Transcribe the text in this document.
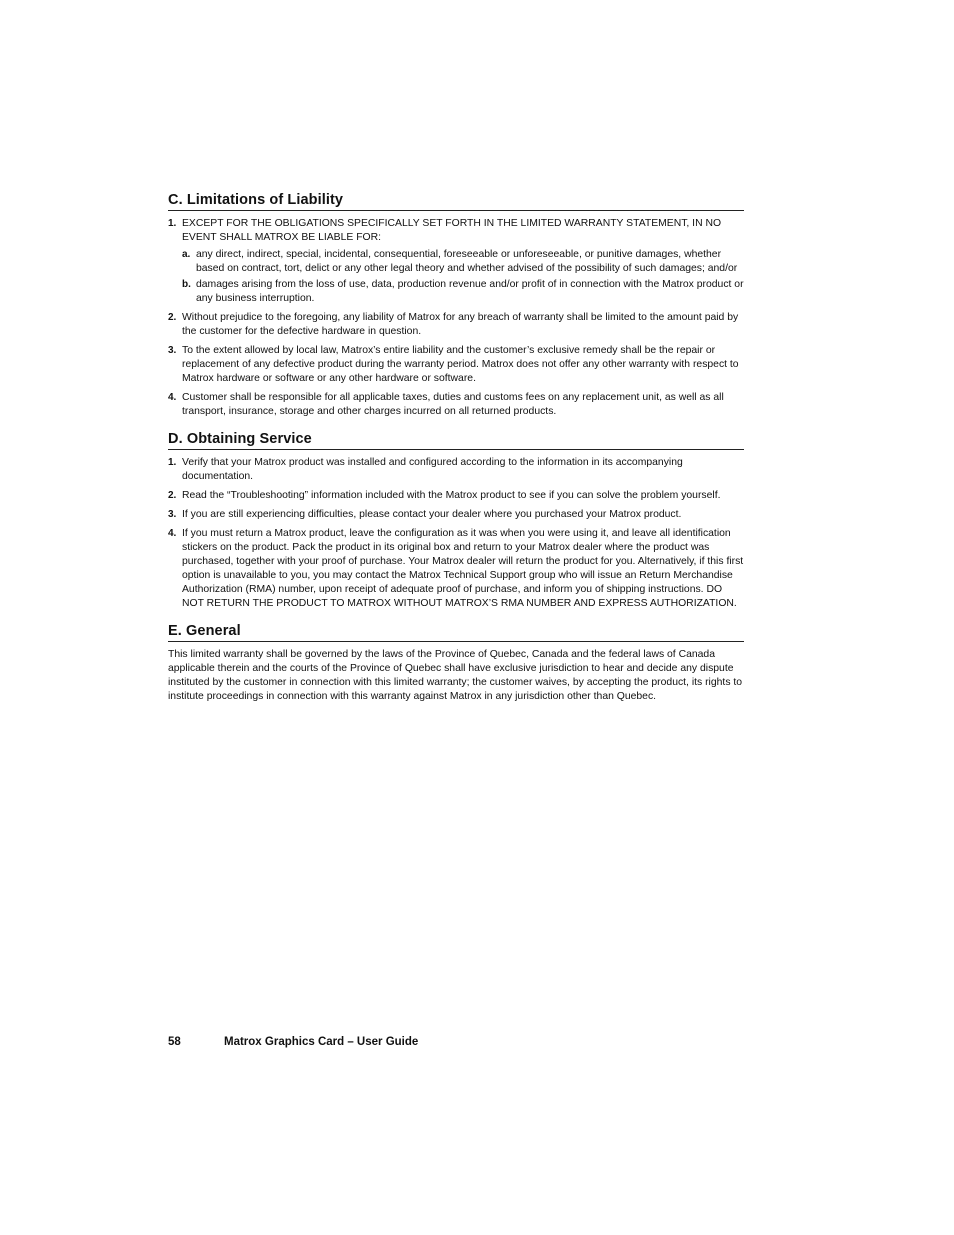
C. Limitations of Liability
1. EXCEPT FOR THE OBLIGATIONS SPECIFICALLY SET FORTH IN THE LIMITED WARRANTY STATEMENT, IN NO EVENT SHALL MATROX BE LIABLE FOR:
a. any direct, indirect, special, incidental, consequential, foreseeable or unforeseeable, or punitive damages, whether based on contract, tort, delict or any other legal theory and whether advised of the possibility of such damages; and/or
b. damages arising from the loss of use, data, production revenue and/or profit of in connection with the Matrox product or any business interruption.
2. Without prejudice to the foregoing, any liability of Matrox for any breach of warranty shall be limited to the amount paid by the customer for the defective hardware in question.
3. To the extent allowed by local law, Matrox’s entire liability and the customer’s exclusive remedy shall be the repair or replacement of any defective product during the warranty period. Matrox does not offer any other warranty with respect to Matrox hardware or software or any other hardware or software.
4. Customer shall be responsible for all applicable taxes, duties and customs fees on any replacement unit, as well as all transport, insurance, storage and other charges incurred on all returned products.
D. Obtaining Service
1. Verify that your Matrox product was installed and configured according to the information in its accompanying documentation.
2. Read the “Troubleshooting” information included with the Matrox product to see if you can solve the problem yourself.
3. If you are still experiencing difficulties, please contact your dealer where you purchased your Matrox product.
4. If you must return a Matrox product, leave the configuration as it was when you were using it, and leave all identification stickers on the product. Pack the product in its original box and return to your Matrox dealer where the product was purchased, together with your proof of purchase. Your Matrox dealer will return the product for you. Alternatively, if this first option is unavailable to you, you may contact the Matrox Technical Support group who will issue an Return Merchandise Authorization (RMA) number, upon receipt of adequate proof of purchase, and inform you of shipping instructions. DO NOT RETURN THE PRODUCT TO MATROX WITHOUT MATROX’S RMA NUMBER AND EXPRESS AUTHORIZATION.
E. General

This limited warranty shall be governed by the laws of the Province of Quebec, Canada and the federal laws of Canada applicable therein and the courts of the Province of Quebec shall have exclusive jurisdiction to hear and decide any dispute instituted by the customer in connection with this limited warranty; the customer waives, by accepting the product, its rights to institute proceedings in connection with this warranty against Matrox in any jurisdiction other than Quebec.

58	Matrox Graphics Card – User Guide
